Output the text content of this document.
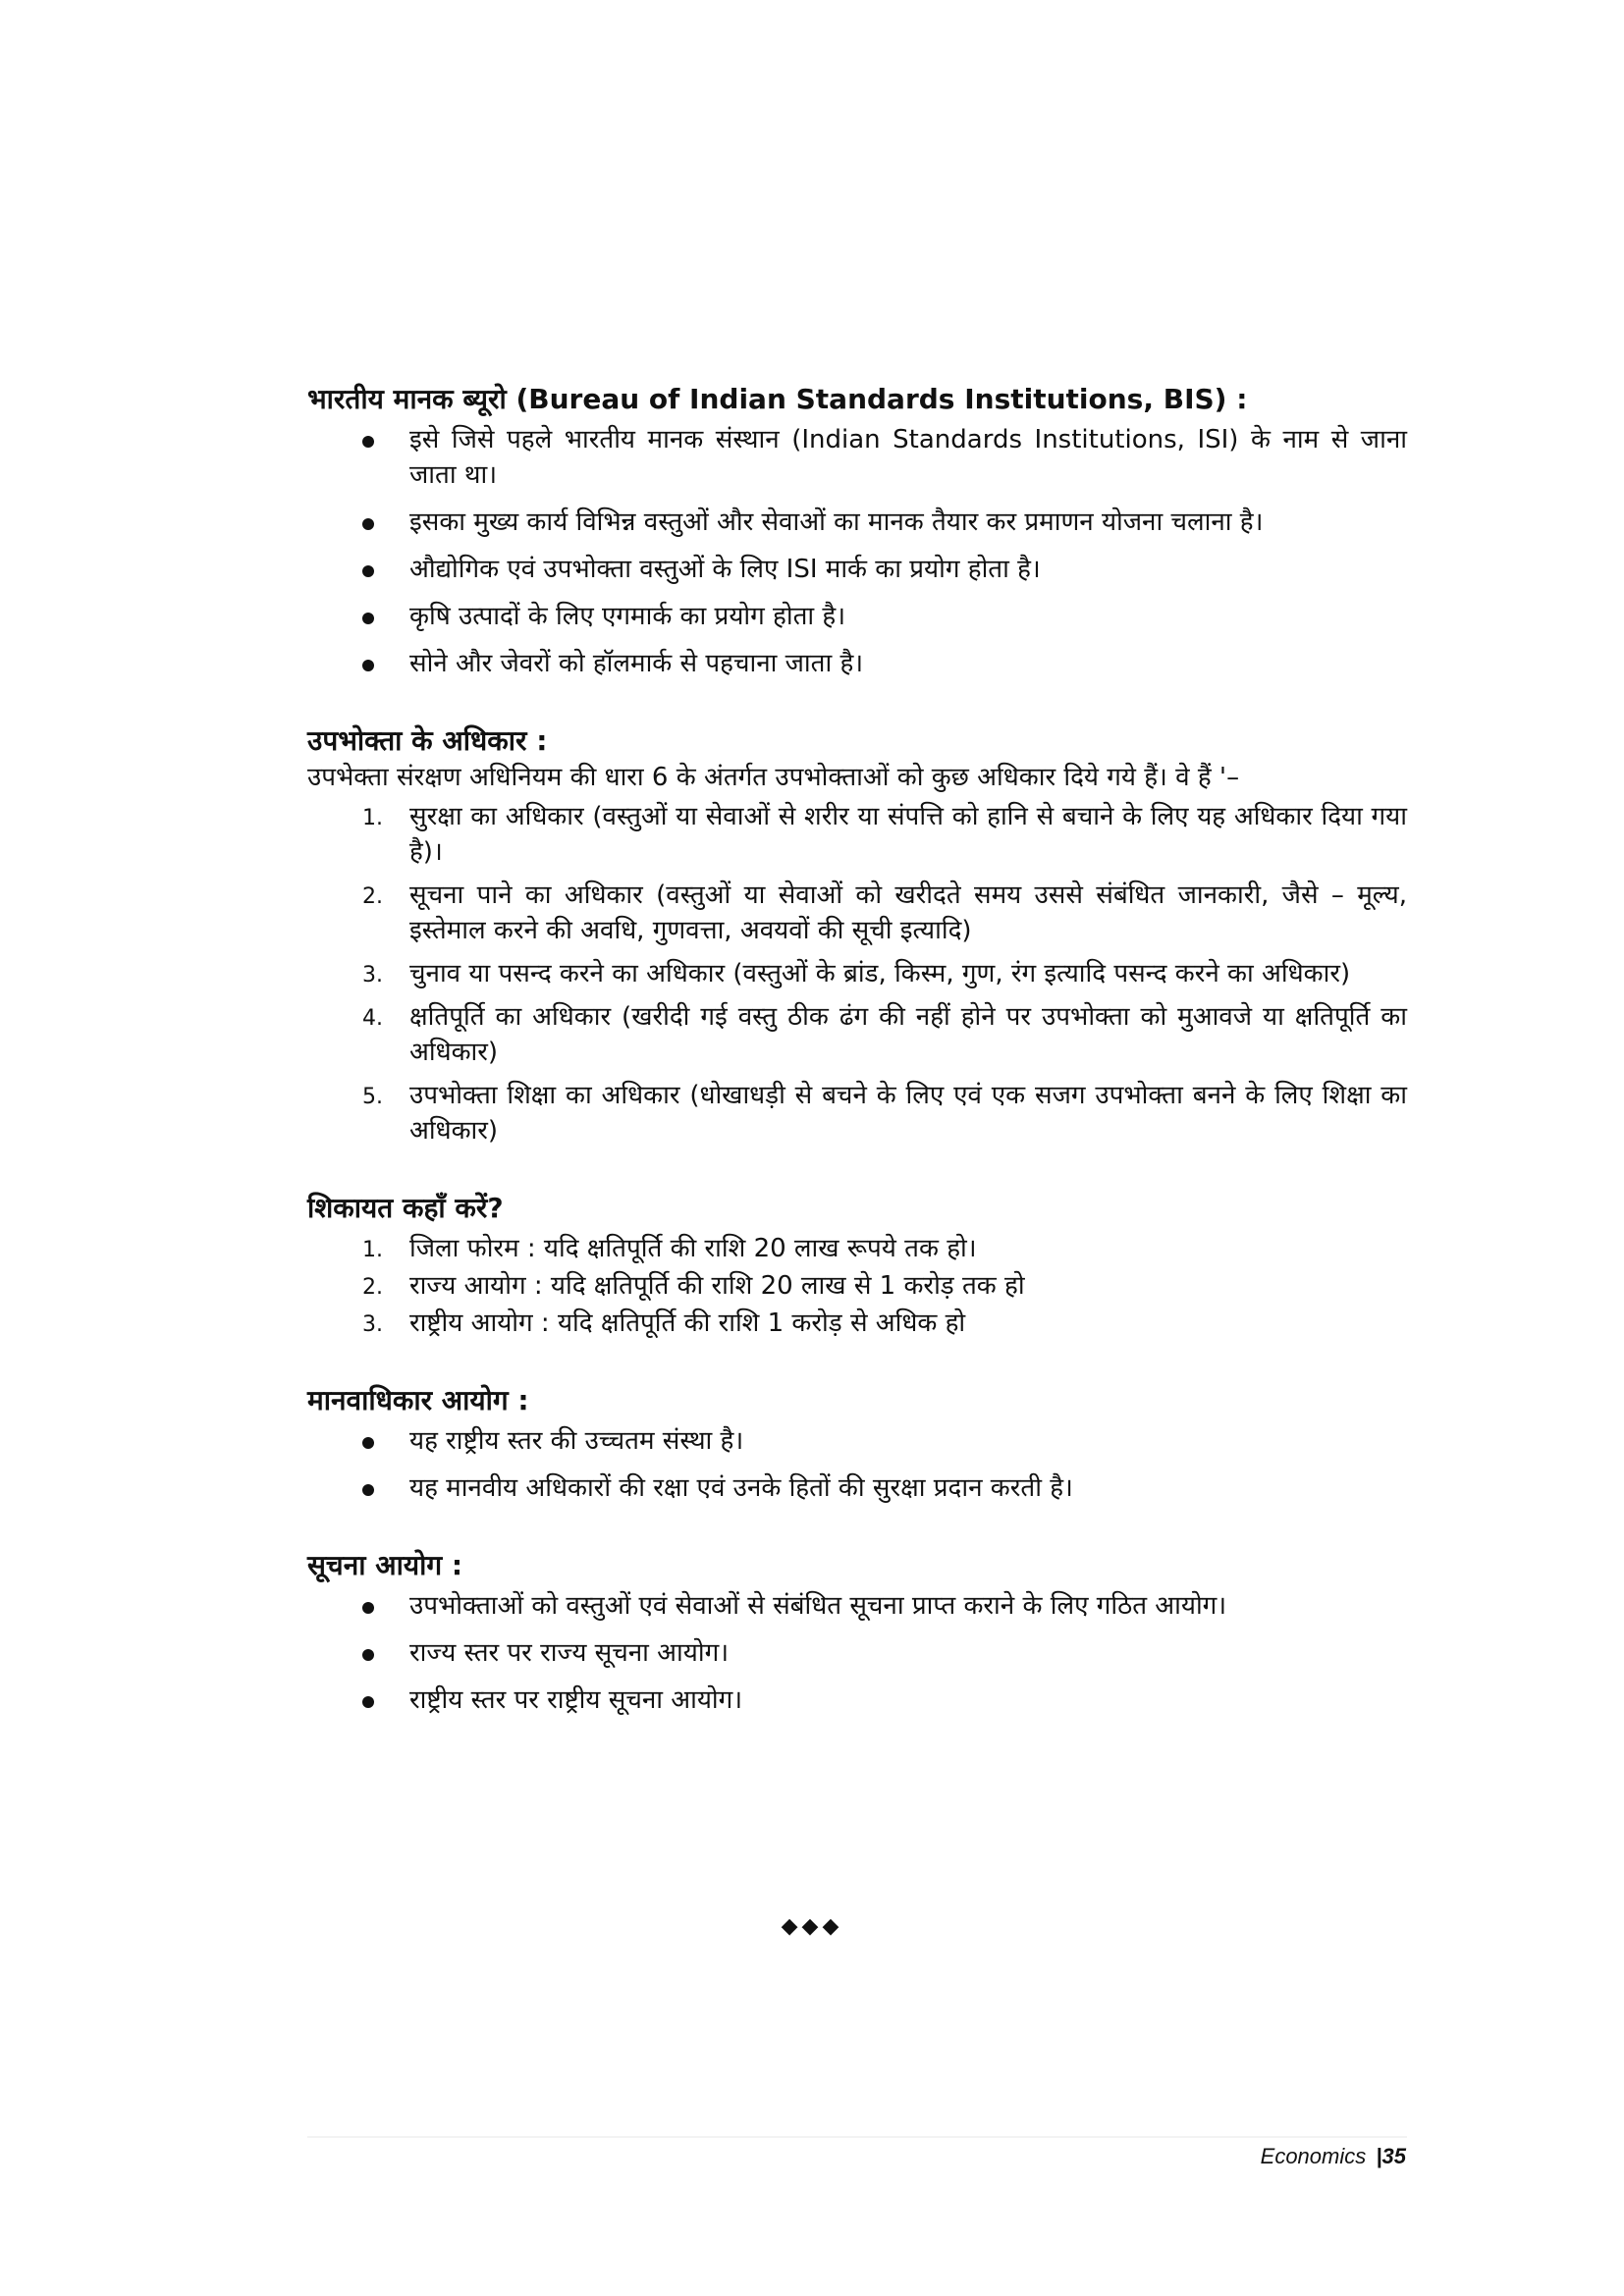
भारतीय मानक ब्यूरो (Bureau of Indian Standards Institutions, BIS) :

इसे जिसे पहले भारतीय मानक संस्थान (Indian Standards Institutions, ISI) के नाम से जाना जाता था।
इसका मुख्य कार्य विभिन्न वस्तुओं और सेवाओं का मानक तैयार कर प्रमाणन योजना चलाना है।
औद्योगिक एवं उपभोक्ता वस्तुओं के लिए ISI मार्क का प्रयोग होता है।
कृषि उत्पादों के लिए एगमार्क का प्रयोग होता है।
सोने और जेवरों को हॉलमार्क से पहचाना जाता है।

उपभोक्ता के अधिकार :

उपभेक्ता संरक्षण अधिनियम की धारा 6 के अंतर्गत उपभोक्ताओं को कुछ अधिकार दिये गये हैं। वे हैं '–

1. सुरक्षा का अधिकार (वस्तुओं या सेवाओं से शरीर या संपत्ति को हानि से बचाने के लिए यह अधिकार दिया गया है)।
2. सूचना पाने का अधिकार (वस्तुओं या सेवाओं को खरीदते समय उससे संबंधित जानकारी, जैसे – मूल्य, इस्तेमाल करने की अवधि, गुणवत्ता, अवयवों की सूची इत्यादि)
3. चुनाव या पसन्द करने का अधिकार (वस्तुओं के ब्रांड, किस्म, गुण, रंग इत्यादि पसन्द करने का अधिकार)
4. क्षतिपूर्ति का अधिकार (खरीदी गई वस्तु ठीक ढंग की नहीं होने पर उपभोक्ता को मुआवजे या क्षतिपूर्ति का अधिकार)
5. उपभोक्ता शिक्षा का अधिकार (धोखाधड़ी से बचने के लिए एवं एक सजग उपभोक्ता बनने के लिए शिक्षा का अधिकार)

शिकायत कहाँ करें?

1. जिला फोरम : यदि क्षतिपूर्ति की राशि 20 लाख रूपये तक हो।
2. राज्य आयोग : यदि क्षतिपूर्ति की राशि 20 लाख से 1 करोड़ तक हो
3. राष्ट्रीय आयोग : यदि क्षतिपूर्ति की राशि 1 करोड़ से अधिक हो

मानवाधिकार आयोग :

यह राष्ट्रीय स्तर की उच्चतम संस्था है।
यह मानवीय अधिकारों की रक्षा एवं उनके हितों की सुरक्षा प्रदान करती है।

सूचना आयोग :

उपभोक्ताओं को वस्तुओं एवं सेवाओं से संबंधित सूचना प्राप्त कराने के लिए गठित आयोग।
राज्य स्तर पर राज्य सूचना आयोग।
राष्ट्रीय स्तर पर राष्ट्रीय सूचना आयोग।
◆◆◆
Economics |35
